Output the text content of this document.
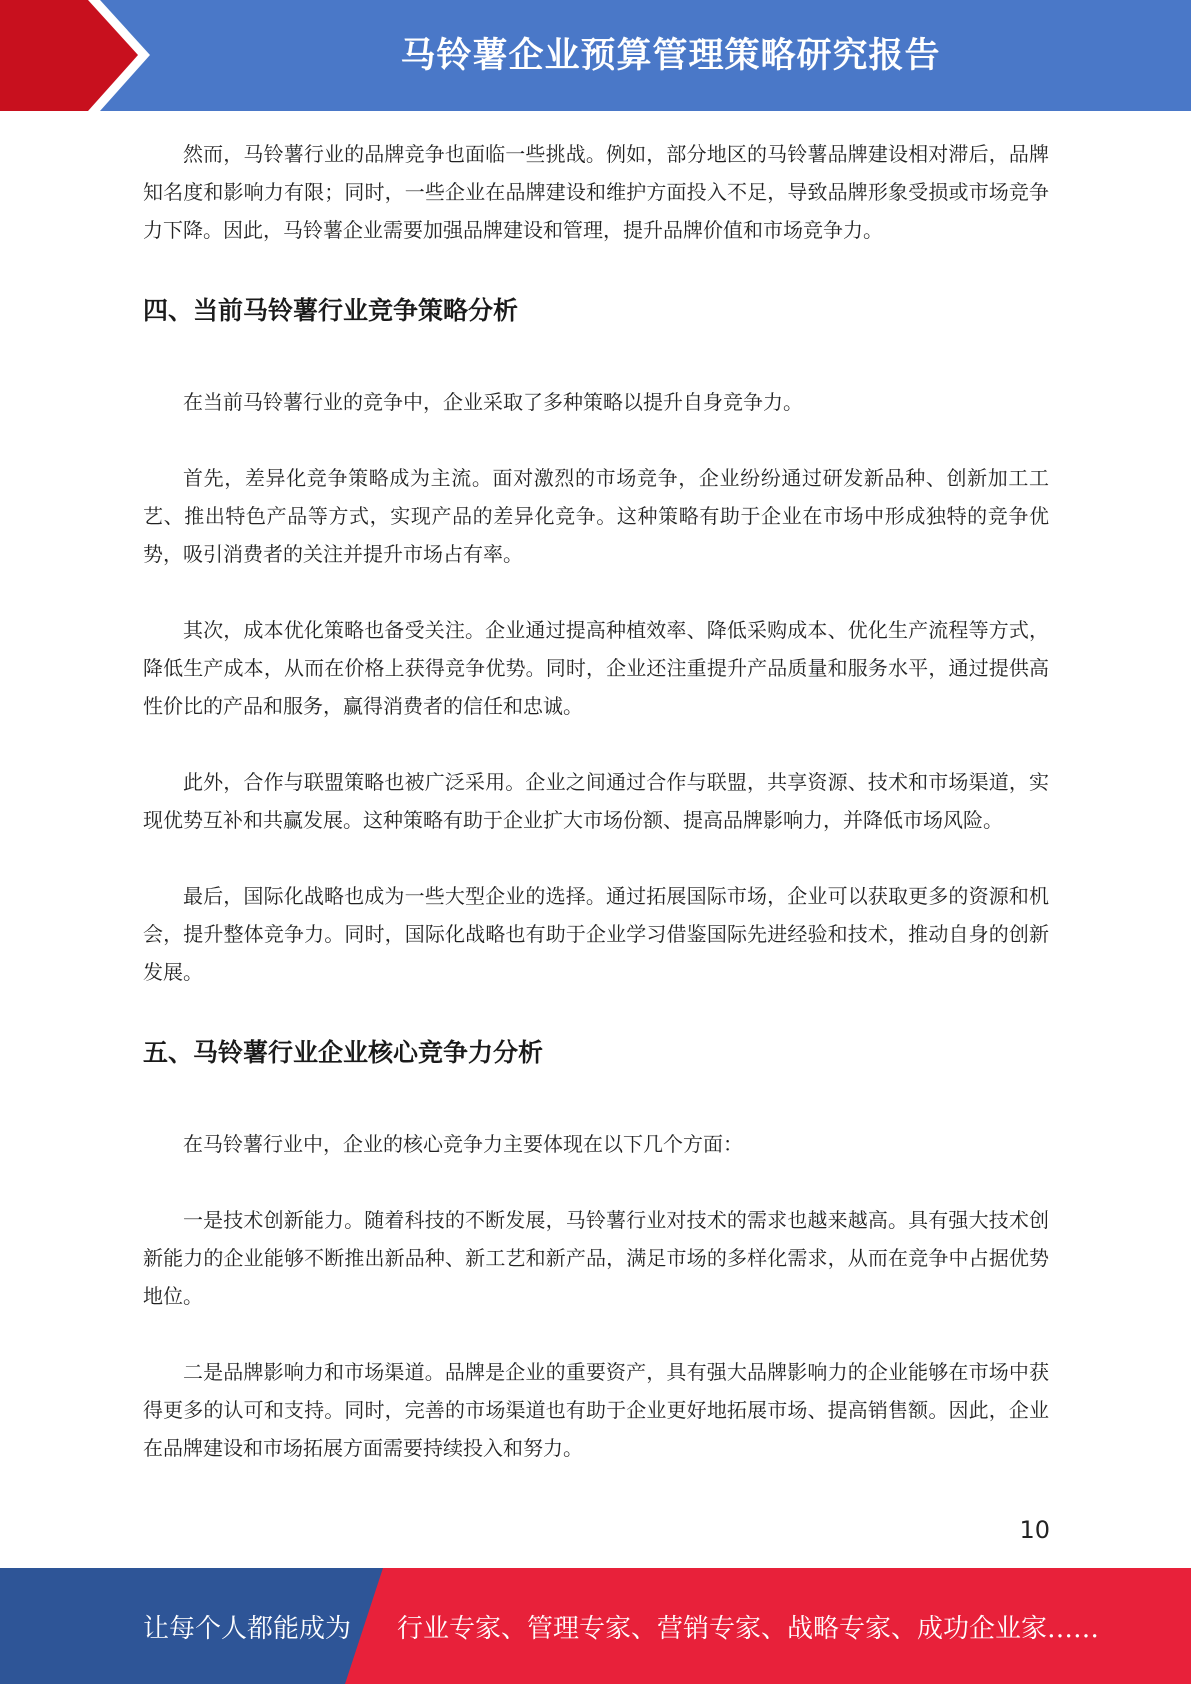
马铃薯企业预算管理策略研究报告

然而，马铃薯行业的品牌竞争也面临一些挑战。例如，部分地区的马铃薯品牌建设相对滞后，品牌知名度和影响力有限；同时，一些企业在品牌建设和维护方面投入不足，导致品牌形象受损或市场竞争力下降。因此，马铃薯企业需要加强品牌建设和管理，提升品牌价值和市场竞争力。

四、当前马铃薯行业竞争策略分析

在当前马铃薯行业的竞争中，企业采取了多种策略以提升自身竞争力。

首先，差异化竞争策略成为主流。面对激烈的市场竞争，企业纷纷通过研发新品种、创新加工工艺、推出特色产品等方式，实现产品的差异化竞争。这种策略有助于企业在市场中形成独特的竞争优势，吸引消费者的关注并提升市场占有率。

其次，成本优化策略也备受关注。企业通过提高种植效率、降低采购成本、优化生产流程等方式，降低生产成本，从而在价格上获得竞争优势。同时，企业还注重提升产品质量和服务水平，通过提供高性价比的产品和服务，赢得消费者的信任和忠诚。

此外，合作与联盟策略也被广泛采用。企业之间通过合作与联盟，共享资源、技术和市场渠道，实现优势互补和共赢发展。这种策略有助于企业扩大市场份额、提高品牌影响力，并降低市场风险。

最后，国际化战略也成为一些大型企业的选择。通过拓展国际市场，企业可以获取更多的资源和机会，提升整体竞争力。同时，国际化战略也有助于企业学习借鉴国际先进经验和技术，推动自身的创新发展。

五、马铃薯行业企业核心竞争力分析

在马铃薯行业中，企业的核心竞争力主要体现在以下几个方面：

一是技术创新能力。随着科技的不断发展，马铃薯行业对技术的需求也越来越高。具有强大技术创新能力的企业能够不断推出新品种、新工艺和新产品，满足市场的多样化需求，从而在竞争中占据优势地位。

二是品牌影响力和市场渠道。品牌是企业的重要资产，具有强大品牌影响力的企业能够在市场中获得更多的认可和支持。同时，完善的市场渠道也有助于企业更好地拓展市场、提高销售额。因此，企业在品牌建设和市场拓展方面需要持续投入和努力。

10
让每个人都能成为 行业专家、管理专家、营销专家、战略专家、成功企业家……
